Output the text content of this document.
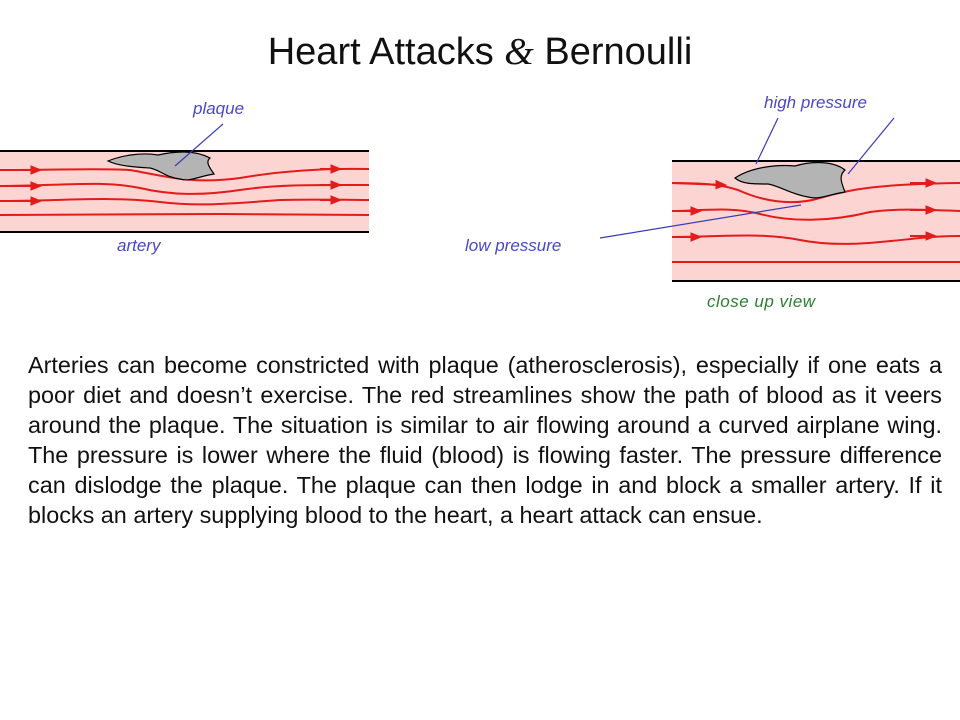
Heart Attacks & Bernoulli
plaque
artery	low pressure
high pressure
close up view
Arteries can become constricted with plaque (atherosclerosis), especially if one eats a poor diet and doesn’t exercise. The red streamlines show the path of blood as it veers around the plaque. The situation is similar to air flowing around a curved airplane wing. The pressure is lower where the fluid (blood) is flowing faster. The pressure difference can dislodge the plaque. The plaque can then lodge in and block a smaller artery. If it blocks an artery supplying blood to the heart, a heart attack can ensue.
